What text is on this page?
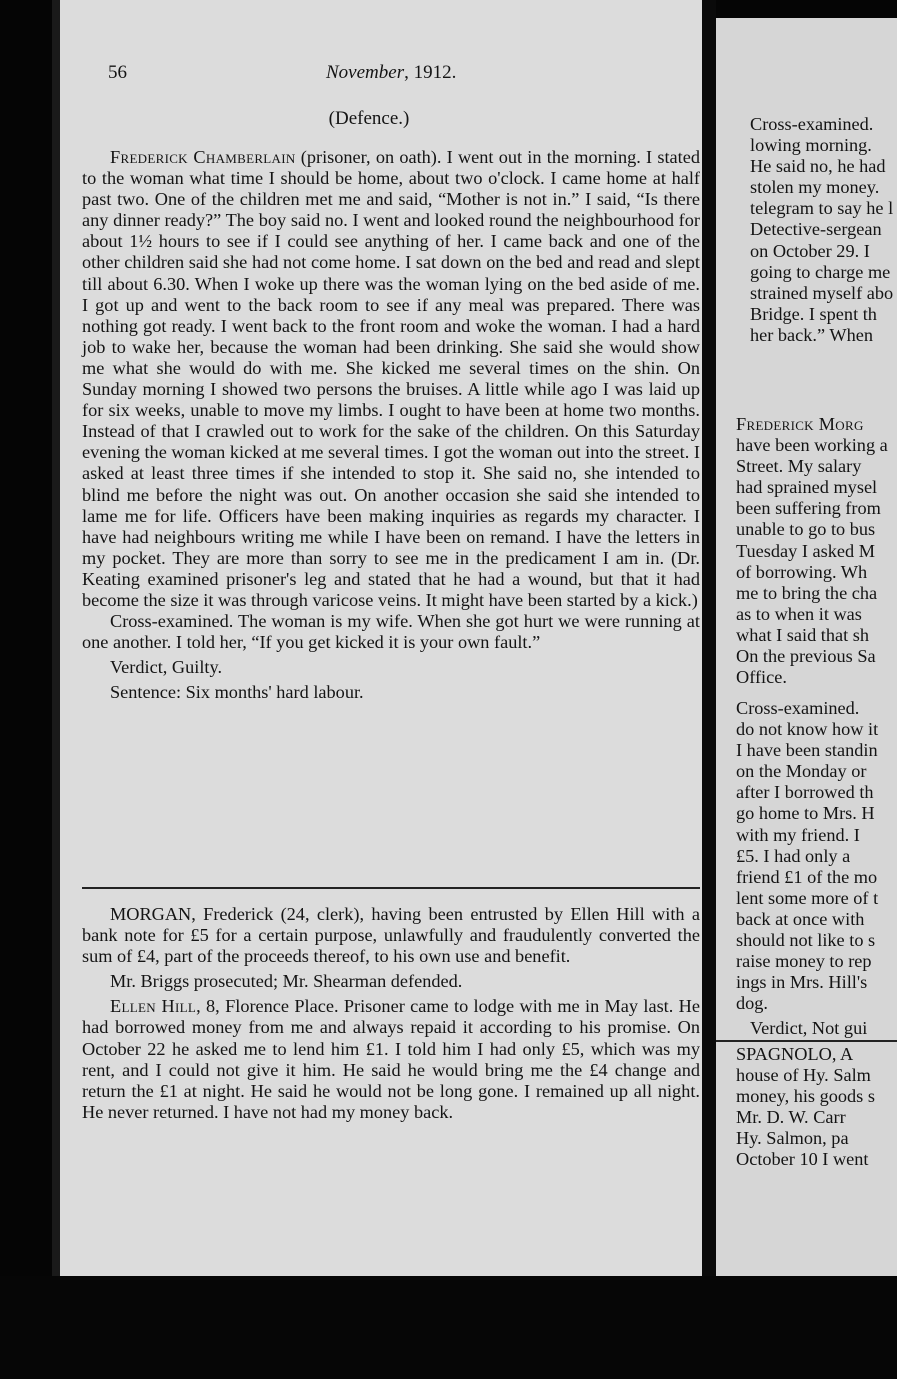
56	November, 1912.
(Defence.)

Frederick Chamberlain (prisoner, on oath). I went out in the morning. I stated to the woman what time I should be home, about two o'clock. I came home at half past two. One of the children met me and said, “Mother is not in.” I said, “Is there any dinner ready?” The boy said no. I went and looked round the neighbourhood for about 1½ hours to see if I could see anything of her. I came back and one of the other children said she had not come home. I sat down on the bed and read and slept till about 6.30. When I woke up there was the woman lying on the bed aside of me. I got up and went to the back room to see if any meal was prepared. There was nothing got ready. I went back to the front room and woke the woman. I had a hard job to wake her, because the woman had been drinking. She said she would show me what she would do with me. She kicked me several times on the shin. On Sunday morning I showed two persons the bruises. A little while ago I was laid up for six weeks, unable to move my limbs. I ought to have been at home two months. Instead of that I crawled out to work for the sake of the children. On this Saturday evening the woman kicked at me several times. I got the woman out into the street. I asked at least three times if she intended to stop it. She said no, she intended to blind me before the night was out. On another occasion she said she intended to lame me for life. Officers have been making inquiries as regards my character. I have had neighbours writing me while I have been on remand. I have the letters in my pocket. They are more than sorry to see me in the predicament I am in. (Dr. Keating examined prisoner's leg and stated that he had a wound, but that it had become the size it was through varicose veins. It might have been started by a kick.)

Cross-examined. The woman is my wife. When she got hurt we were running at one another. I told her, “If you get kicked it is your own fault.”

Verdict, Guilty.

Sentence: Six months' hard labour.

MORGAN, Frederick (24, clerk), having been entrusted by Ellen Hill with a bank note for £5 for a certain purpose, unlawfully and fraudulently converted the sum of £4, part of the proceeds thereof, to his own use and benefit.

Mr. Briggs prosecuted; Mr. Shearman defended.

Ellen Hill, 8, Florence Place. Prisoner came to lodge with me in May last. He had borrowed money from me and always repaid it according to his promise. On October 22 he asked me to lend him £1. I told him I had only £5, which was my rent, and I could not give it him. He said he would bring me the £4 change and return the £1 at night. He said he would not be long gone. I remained up all night. He never returned. I have not had my money back.

Cross-examined.
lowing morning.
He said no, he had
stolen my money.
telegram to say he l
Detective-sergean
on October 29. I
going to charge me
strained myself abo
Bridge. I spent th
her back.” When
Frederick Morg
have been working a
Street. My salary
had sprained mysel
been suffering from
unable to go to bus
Tuesday I asked M
of borrowing. Wh
me to bring the cha
as to when it was
what I said that sh
On the previous Sa
Office.
Cross-examined.
do not know how it
I have been standin
on the Monday or
after I borrowed th
go home to Mrs. H
with my friend. I
£5. I had only a
friend £1 of the mo
lent some more of t
back at once with
should not like to s
raise money to rep
ings in Mrs. Hill's
dog.
Verdict, Not gui
SPAGNOLO, A
house of Hy. Salm
money, his goods s
Mr. D. W. Carr
Hy. Salmon, pa
October 10 I went
